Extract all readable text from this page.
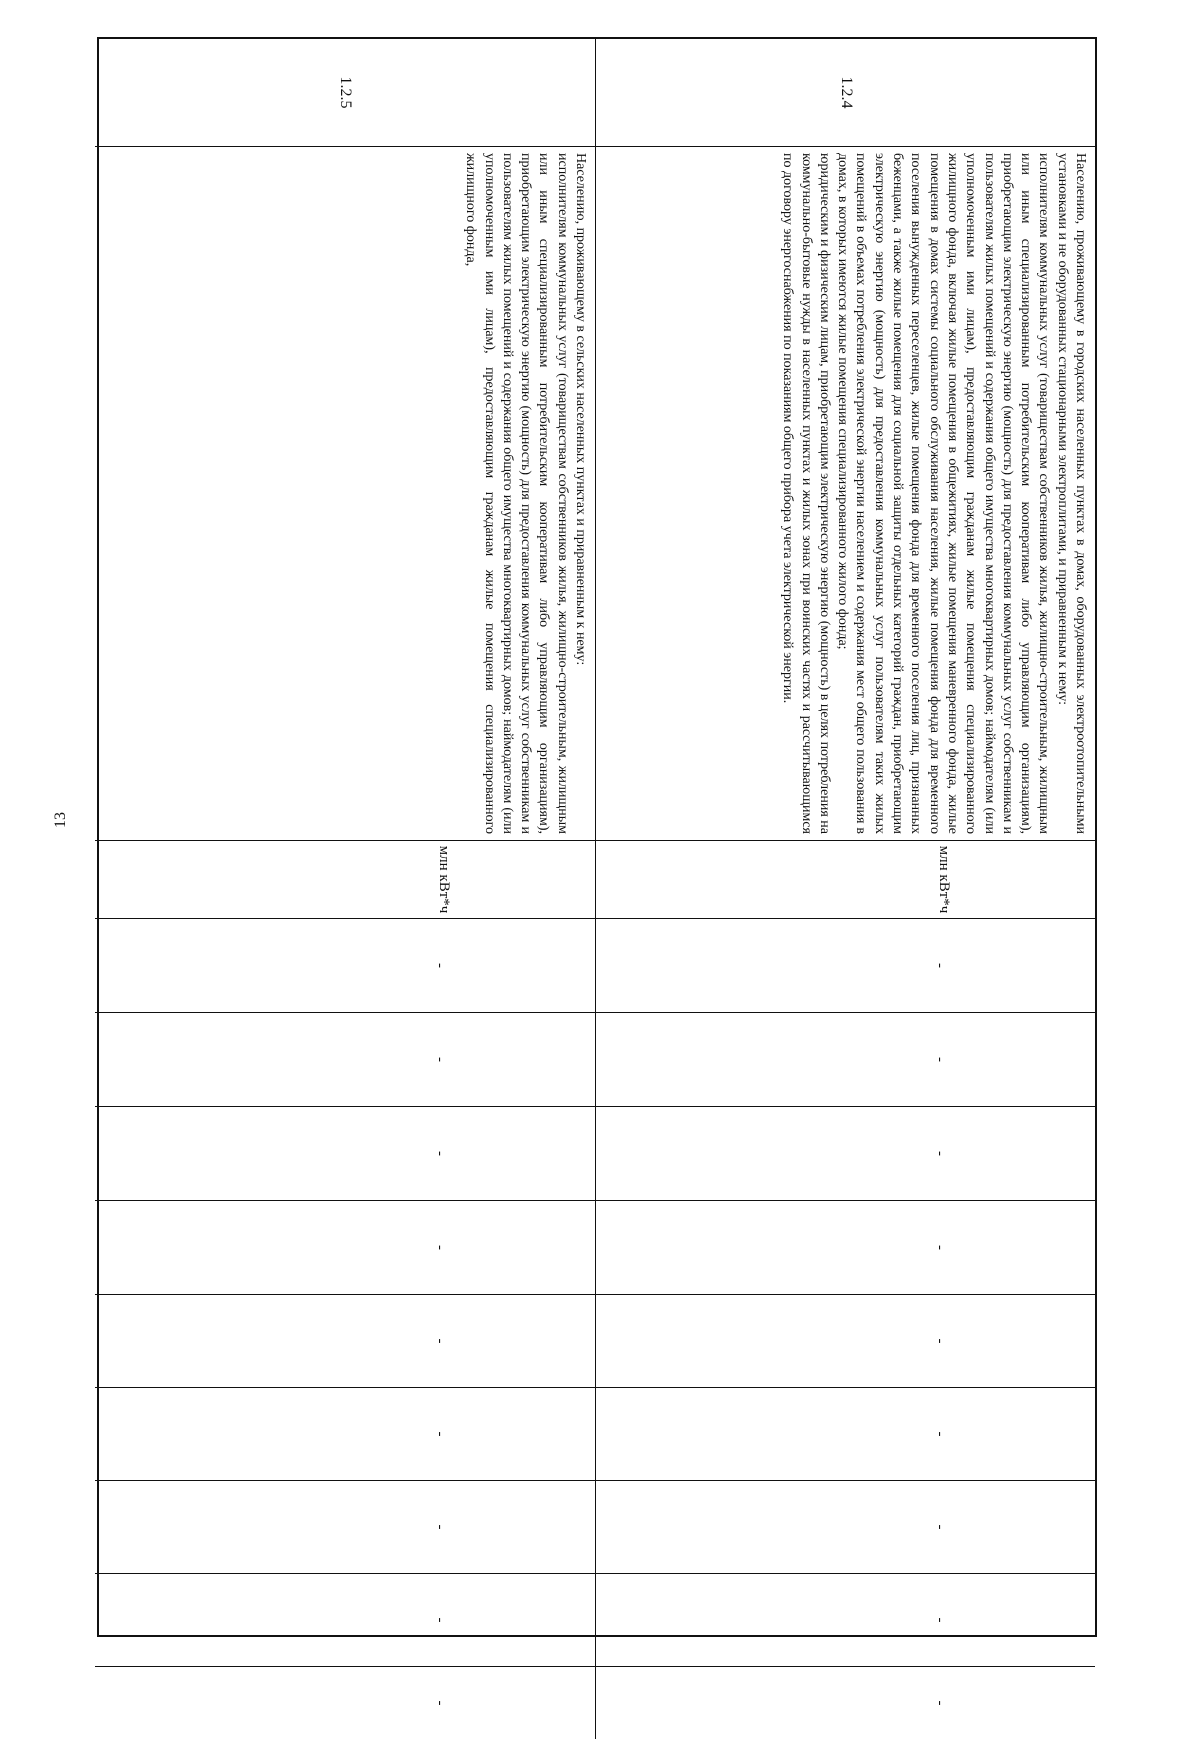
13
1.2.4

Населению, проживающему в городских населенных пунктах в домах, оборудованных электроотопительными установками и не оборудованных стационарными электроплитами, и приравненным к нему:

исполнителям коммунальных услуг (товариществам собственников жилья, жилищно-строительным, жилищным или иным специализированным потребительским кооперативам либо управляющим организациям), приобретающим электрическую энергию (мощность) для предоставления коммунальных услуг собственникам и пользователям жилых помещений и содержания общего имущества многоквартирных домов; наймодателям (или уполномоченным ими лицам), предоставляющим гражданам жилые помещения специализированного жилищного фонда, включая жилые помещения в общежитиях, жилые помещения маневренного фонда, жилые помещения в домах системы социального обслуживания населения, жилые помещения фонда для временного поселения вынужденных переселенцев, жилые помещения фонда для временного поселения лиц, признанных беженцами, а также жилые помещения для социальной защиты отдельных категорий граждан, приобретающим электрическую энергию (мощность) для предоставления коммунальных услуг пользователям таких жилых помещений в объемах потребления электрической энергии населением и содержания мест общего пользования в домах, в которых имеются жилые помещения специализированного жилого фонда;

юридическим и физическим лицам, приобретающим электрическую энергию (мощность) в целях потребления на коммунально-бытовые нужды в населенных пунктах и жилых зонах при воинских частях и рассчитывающимся по договору энергоснабжения по показаниям общего прибора учета электрической энергии.

млн кВт*ч
-
-
-
-
-
-
-
-
-
1.2.5

Населению, проживающему в сельских населенных пунктах и приравненным к нему:

исполнителям коммунальных услуг (товариществам собственников жилья, жилищно-строительным, жилищным или иным специализированным потребительским кооперативам либо управляющим организациям), приобретающим электрическую энергию (мощность) для предоставления коммунальных услуг собственникам и пользователям жилых помещений и содержания общего имущества многоквартирных домов; наймодателям (или уполномоченным ими лицам), предоставляющим гражданам жилые помещения специализированного жилищного фонда,

млн кВт*ч
-
-
-
-
-
-
-
-
-
